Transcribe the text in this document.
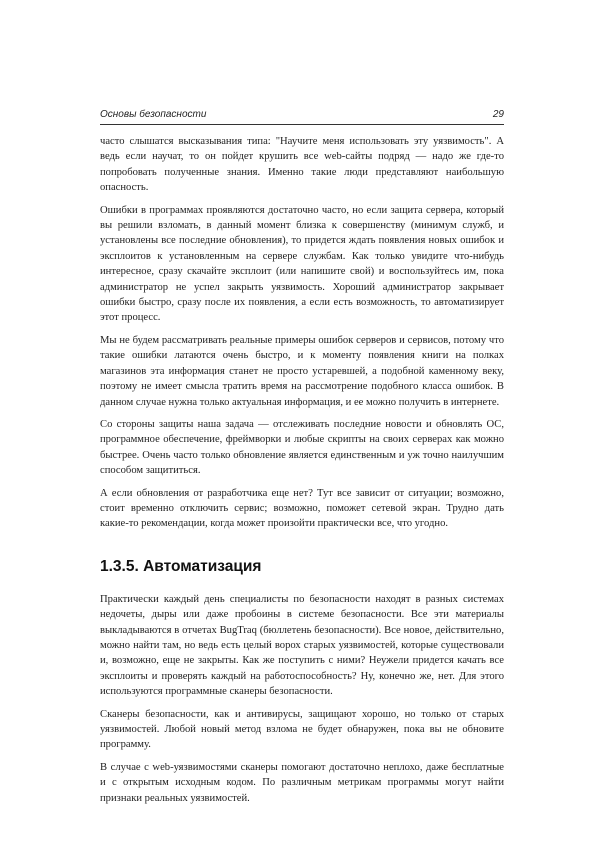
Основы безопасности	29

часто слышатся высказывания типа: "Научите меня использовать эту уязвимость". А ведь если научат, то он пойдет крушить все web-сайты подряд — надо же где-то попробовать полученные знания. Именно такие люди представляют наибольшую опасность.

Ошибки в программах проявляются достаточно часто, но если защита сервера, который вы решили взломать, в данный момент близка к совершенству (минимум служб, и установлены все последние обновления), то придется ждать появления новых ошибок и эксплоитов к установленным на сервере службам. Как только увидите что-нибудь интересное, сразу скачайте эксплоит (или напишите свой) и воспользуйтесь им, пока администратор не успел закрыть уязвимость. Хороший администратор закрывает ошибки быстро, сразу после их появления, а если есть возможность, то автоматизирует этот процесс.

Мы не будем рассматривать реальные примеры ошибок серверов и сервисов, потому что такие ошибки латаются очень быстро, и к моменту появления книги на полках магазинов эта информация станет не просто устаревшей, а подобной каменному веку, поэтому не имеет смысла тратить время на рассмотрение подобного класса ошибок. В данном случае нужна только актуальная информация, и ее можно получить в интернете.

Со стороны защиты наша задача — отслеживать последние новости и обновлять ОС, программное обеспечение, фреймворки и любые скрипты на своих серверах как можно быстрее. Очень часто только обновление является единственным и уж точно наилучшим способом защититься.

А если обновления от разработчика еще нет? Тут все зависит от ситуации; возможно, стоит временно отключить сервис; возможно, поможет сетевой экран. Трудно дать какие-то рекомендации, когда может произойти практически все, что угодно.

1.3.5. Автоматизация

Практически каждый день специалисты по безопасности находят в разных системах недочеты, дыры или даже пробоины в системе безопасности. Все эти материалы выкладываются в отчетах BugTraq (бюллетень безопасности). Все новое, действительно, можно найти там, но ведь есть целый ворох старых уязвимостей, которые существовали и, возможно, еще не закрыты. Как же поступить с ними? Неужели придется качать все эксплоиты и проверять каждый на работоспособность? Ну, конечно же, нет. Для этого используются программные сканеры безопасности.

Сканеры безопасности, как и антивирусы, защищают хорошо, но только от старых уязвимостей. Любой новый метод взлома не будет обнаружен, пока вы не обновите программу.

В случае с web-уязвимостями сканеры помогают достаточно неплохо, даже бесплатные и с открытым исходным кодом. По различным метрикам программы могут найти признаки реальных уязвимостей.
